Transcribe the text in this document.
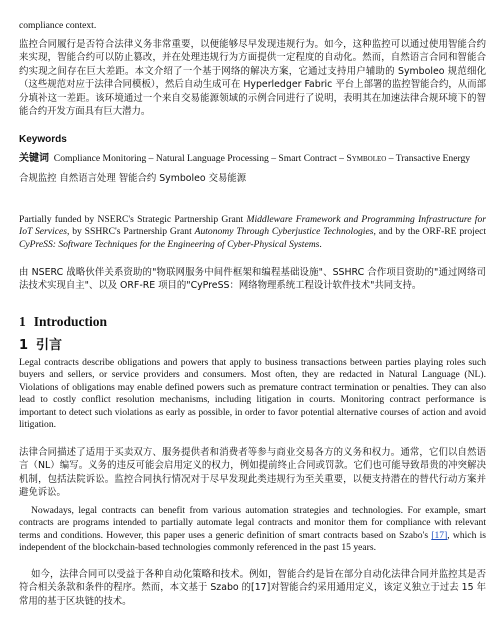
compliance context.

监控合同履行是否符合法律义务非常重要，以便能够尽早发现违规行为。如今，这种监控可以通过使用智能合约来实现，智能合约可以防止篡改，并在处理违规行为方面提供一定程度的自动化。然而，自然语言合同和智能合约实现之间存在巨大差距。本文介绍了一个基于网络的解决方案，它通过支持用户辅助的 Symboleo 规范细化（这些规范对应于法律合同模板），然后自动生成可在 Hyperledger Fabric 平台上部署的监控智能合约，从而部分填补这一差距。该环境通过一个来自交易能源领域的示例合同进行了说明，表明其在加速法律合规环境下的智能合约开发方面具有巨大潜力。

Keywords

关键词 Compliance Monitoring – Natural Language Processing – Smart Contract – Symboleo – Transactive Energy

合规监控 自然语言处理 智能合约 Symboleo 交易能源

Partially funded by NSERC's Strategic Partnership Grant Middleware Framework and Programming Infrastructure for IoT Services, by SSHRC's Partnership Grant Autonomy Through Cyberjustice Technologies, and by the ORF-RE project CyPreSS: Software Techniques for the Engineering of Cyber-Physical Systems.

由 NSERC 战略伙伴关系资助的"物联网服务中间件框架和编程基础设施"、SSHRC 合作项目资助的"通过网络司法技术实现自主"、以及 ORF-RE 项目的"CyPreSS：网络物理系统工程设计软件技术"共同支持。

1 Introduction

1 引言

Legal contracts describe obligations and powers that apply to business transactions between parties playing roles such buyers and sellers, or service providers and consumers. Most often, they are redacted in Natural Language (NL). Violations of obligations may enable defined powers such as premature contract termination or penalties. They can also lead to costly conflict resolution mechanisms, including litigation in courts. Monitoring contract performance is important to detect such violations as early as possible, in order to favor potential alternative courses of action and avoid litigation.

法律合同描述了适用于买卖双方、服务提供者和消费者等参与商业交易各方的义务和权力。通常，它们以自然语言（NL）编写。义务的违反可能会启用定义的权力，例如提前终止合同或罚款。它们也可能导致昂贵的冲突解决机制，包括法院诉讼。监控合同执行情况对于尽早发现此类违规行为至关重要，以便支持潜在的替代行动方案并避免诉讼。

Nowadays, legal contracts can benefit from various automation strategies and technologies. For example, smart contracts are programs intended to partially automate legal contracts and monitor them for compliance with relevant terms and conditions. However, this paper uses a generic definition of smart contracts based on Szabo's [17], which is independent of the blockchain-based technologies commonly referenced in the past 15 years.

如今，法律合同可以受益于各种自动化策略和技术。例如，智能合约是旨在部分自动化法律合同并监控其是否符合相关条款和条件的程序。然而，本文基于 Szabo 的[17]对智能合约采用通用定义，该定义独立于过去 15 年常用的基于区块链的技术。
